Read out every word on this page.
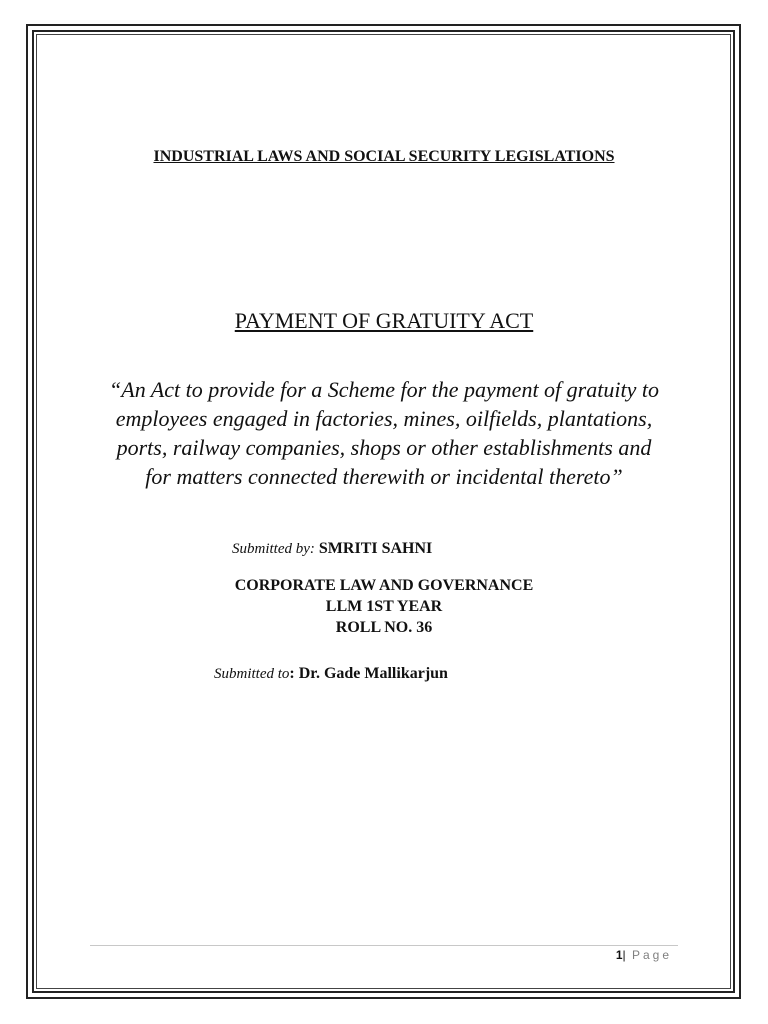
INDUSTRIAL LAWS AND SOCIAL SECURITY LEGISLATIONS
PAYMENT OF GRATUITY ACT
“An Act to provide for a Scheme for the payment of gratuity to
employees engaged in factories, mines, oilfields, plantations,
ports, railway companies, shops or other establishments and
for matters connected therewith or incidental thereto”
Submitted by: SMRITI SAHNI
CORPORATE LAW AND GOVERNANCE
LLM 1ST YEAR
ROLL NO. 36
Submitted to: Dr. Gade Mallikarjun
1| Page
